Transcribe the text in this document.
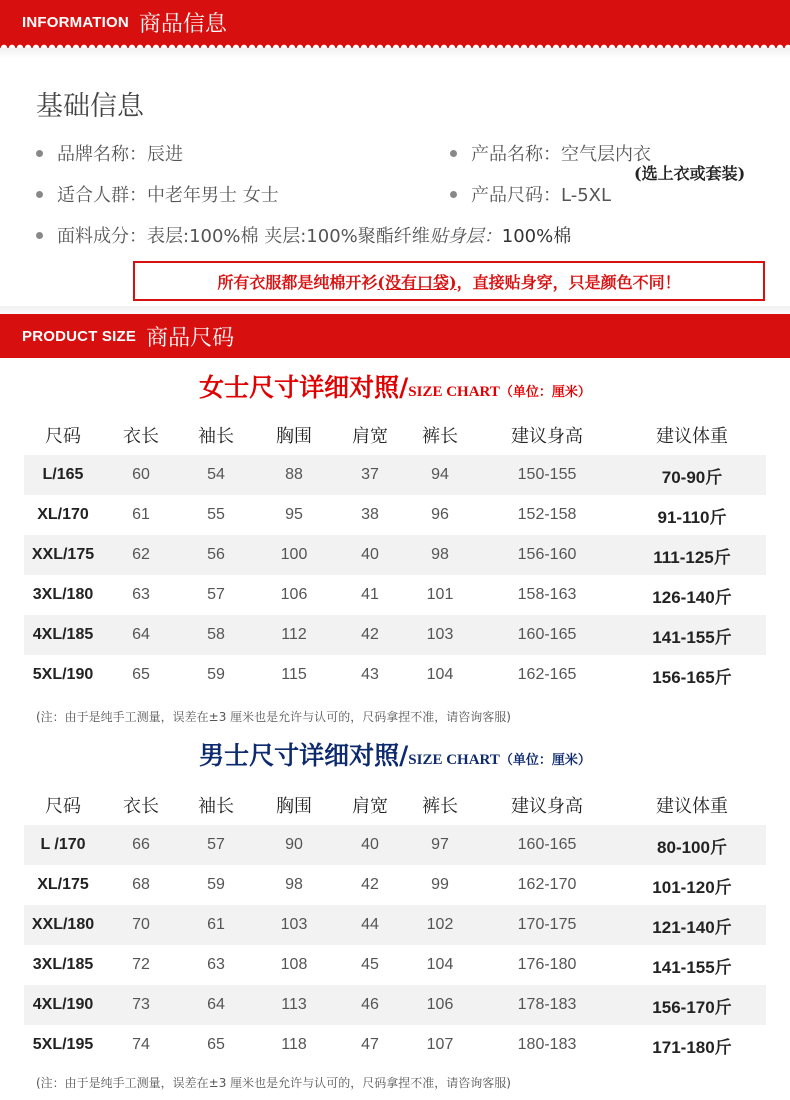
INFORMATION 商品信息
基础信息
品牌名称：辰进	产品名称：空气层内衣
适合人群：中老年男士 女士	产品尺码：L-5XL
(选上衣或套装)
面料成分：表层:100%棉 夹层:100%聚酯纤维 贴身层： 100%棉
所有衣服都是纯棉开衫 (没有口袋) ，直接贴身穿，只是颜色不同！
PRODUCT SIZE 商品尺码
女士尺寸详细对照/SIZE CHART（单位：厘米）
尺码	衣长	袖长	胸围	肩宽	裤长	建议身高	建议体重
L/165	60	54	88	37	94	150-155	70-90斤
XL/170	61	55	95	38	96	152-158	91-110斤
XXL/175	62	56	100	40	98	156-160	111-125斤
3XL/180	63	57	106	41	101	158-163	126-140斤
4XL/185	64	58	112	42	103	160-165	141-155斤
5XL/190	65	59	115	43	104	162-165	156-165斤
(注：由于是纯手工测量，误差在±3 厘米也是允许与认可的，尺码拿捏不准，请咨询客服)
男士尺寸详细对照/SIZE CHART（单位：厘米）
尺码	衣长	袖长	胸围	肩宽	裤长	建议身高	建议体重
L /170	66	57	90	40	97	160-165	80-100斤
XL/175	68	59	98	42	99	162-170	101-120斤
XXL/180	70	61	103	44	102	170-175	121-140斤
3XL/185	72	63	108	45	104	176-180	141-155斤
4XL/190	73	64	113	46	106	178-183	156-170斤
5XL/195	74	65	118	47	107	180-183	171-180斤
(注：由于是纯手工测量，误差在±3 厘米也是允许与认可的，尺码拿捏不准，请咨询客服)
